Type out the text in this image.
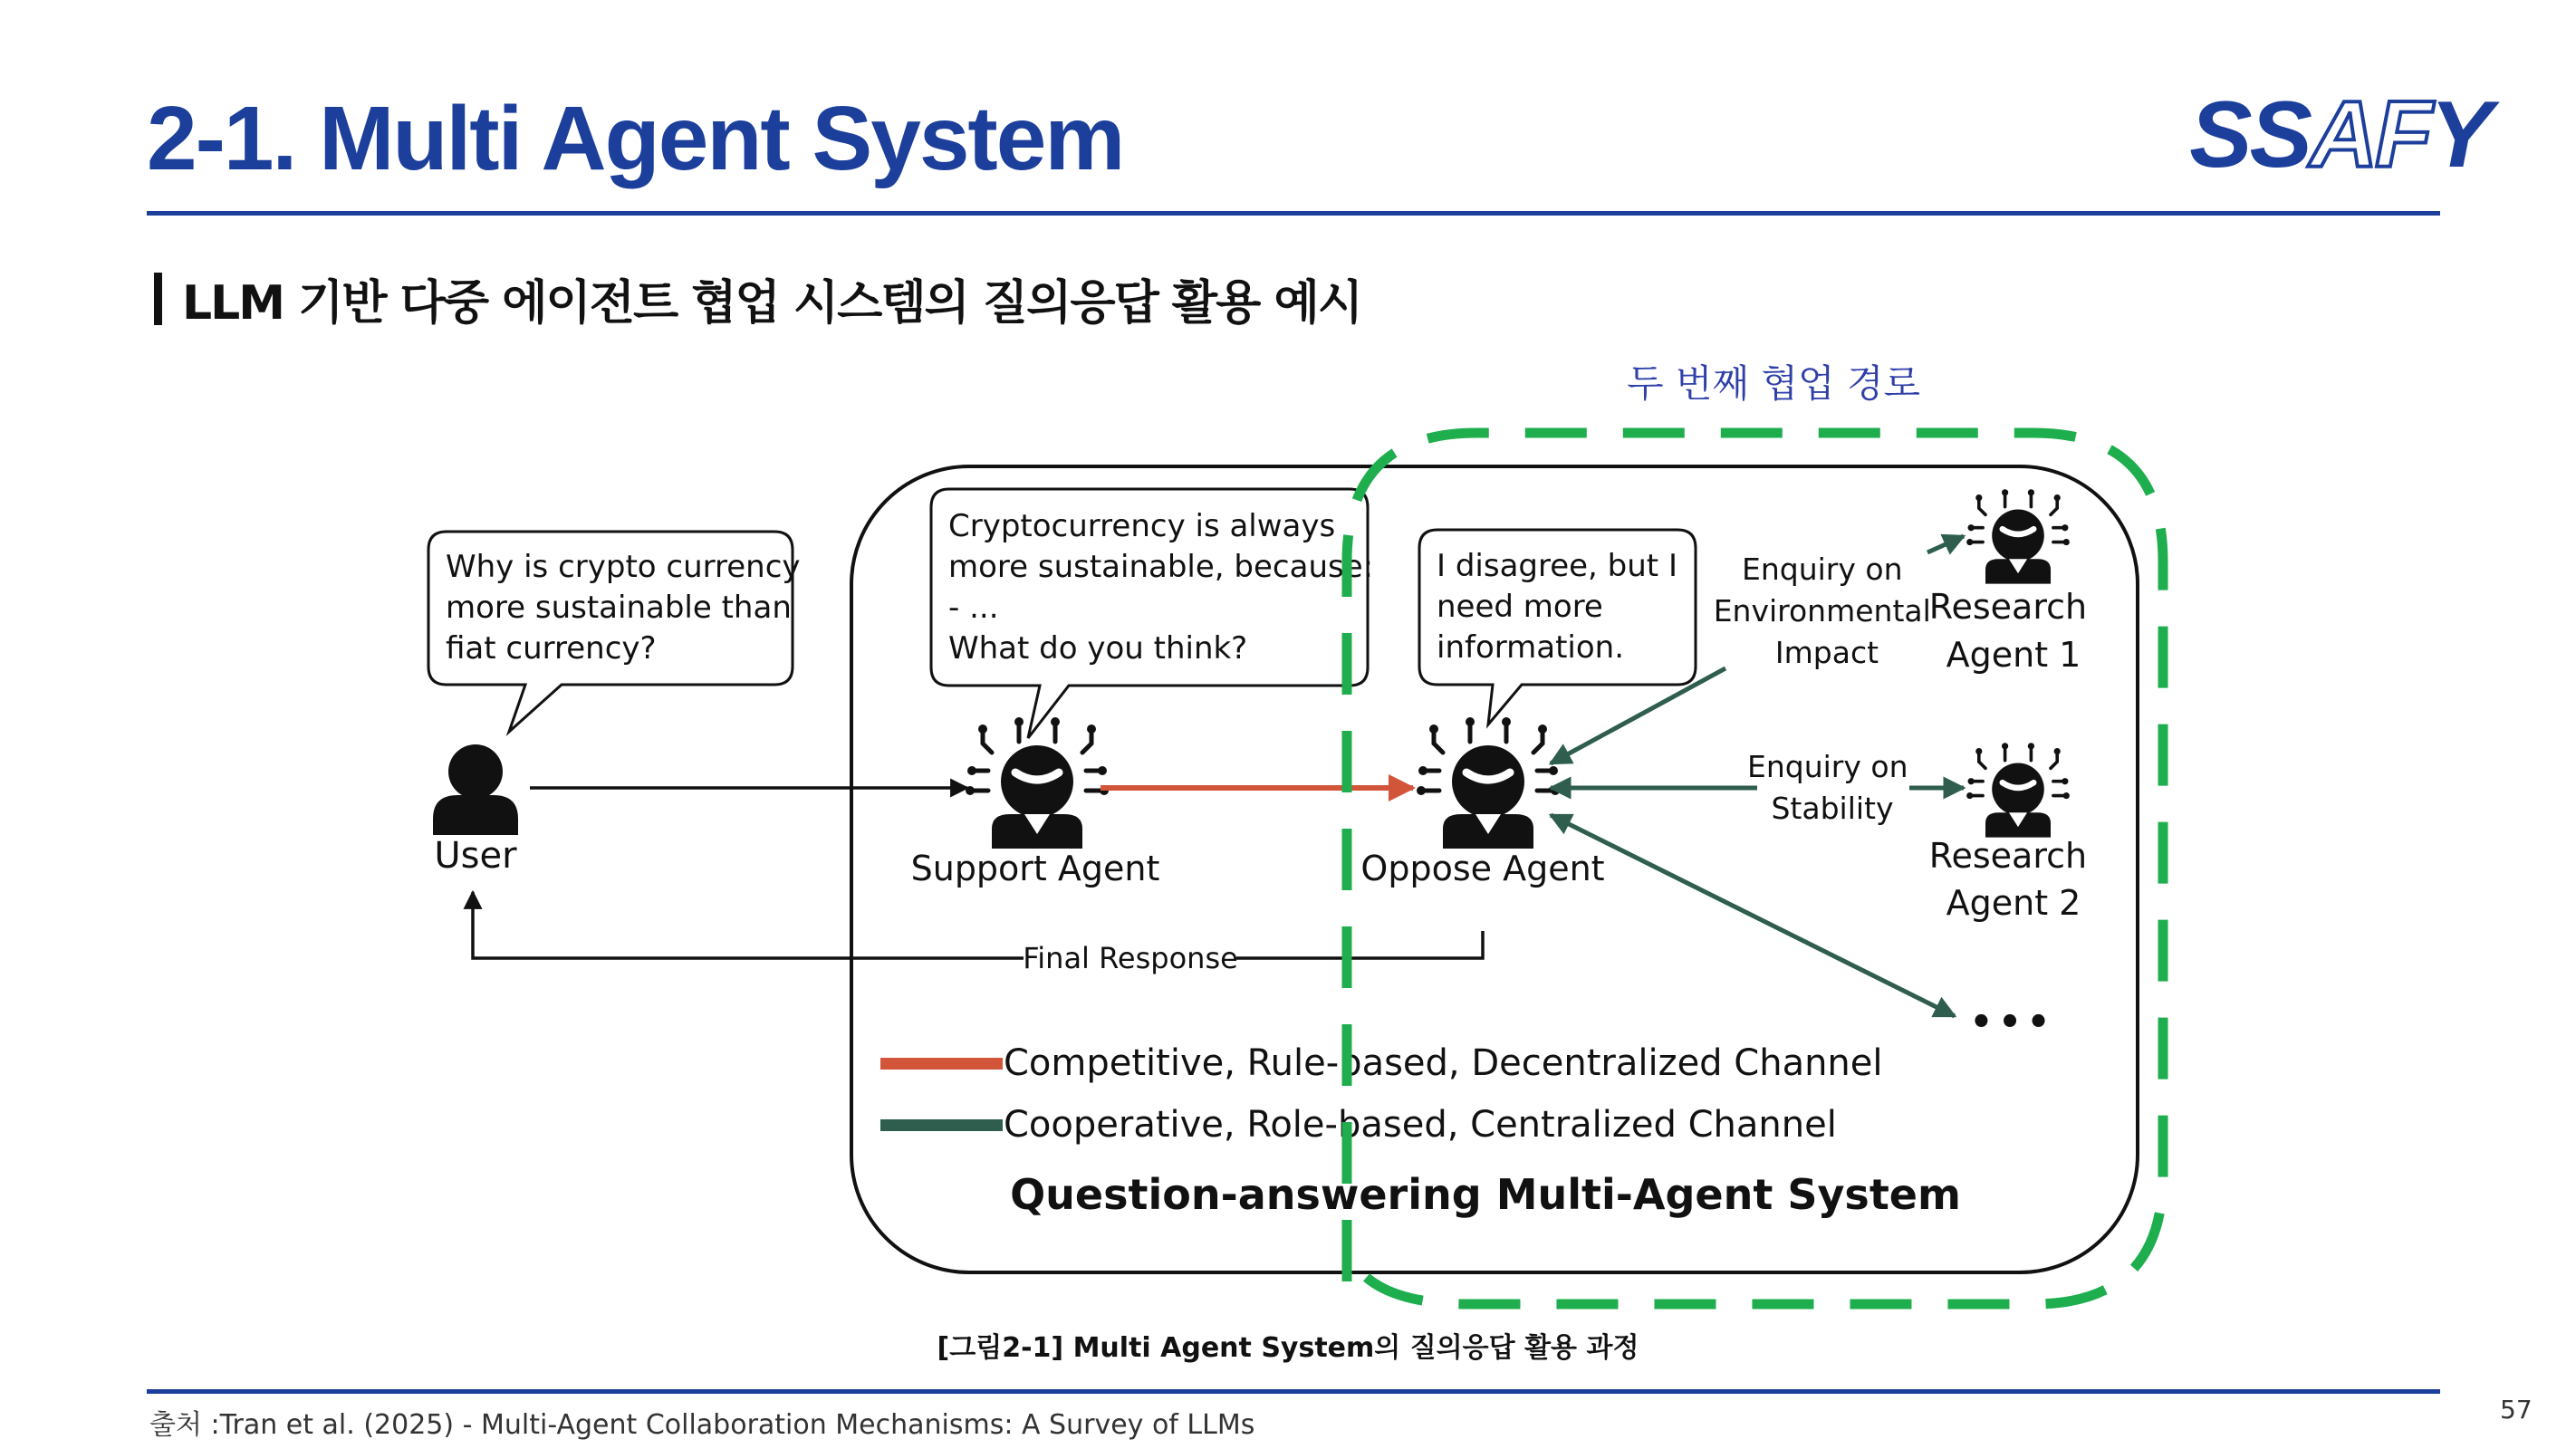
2-1. Multi Agent System	SSAFY
LLM 기반 다중 에이전트 협업 시스템의 질의응답 활용 예시
User
Why is crypto currency more sustainable than fiat currency?
Cryptocurrency is always more sustainable, because: - ... What do you think?
I disagree, but I need more information.
Support Agent	Oppose Agent
Research Agent 1
Research Agent 2
Enquiry on Environmental Impact
Enquiry on Stability
•••
Final Response
Competitive, Rule-based, Decentralized Channel
Cooperative, Role-based, Centralized Channel
Question-answering Multi-Agent System
두 번째 협업 경로
[그림2-1] Multi Agent System의 질의응답 활용 과정
출처 :Tran et al. (2025) - Multi-Agent Collaboration Mechanisms: A Survey of LLMs	57
